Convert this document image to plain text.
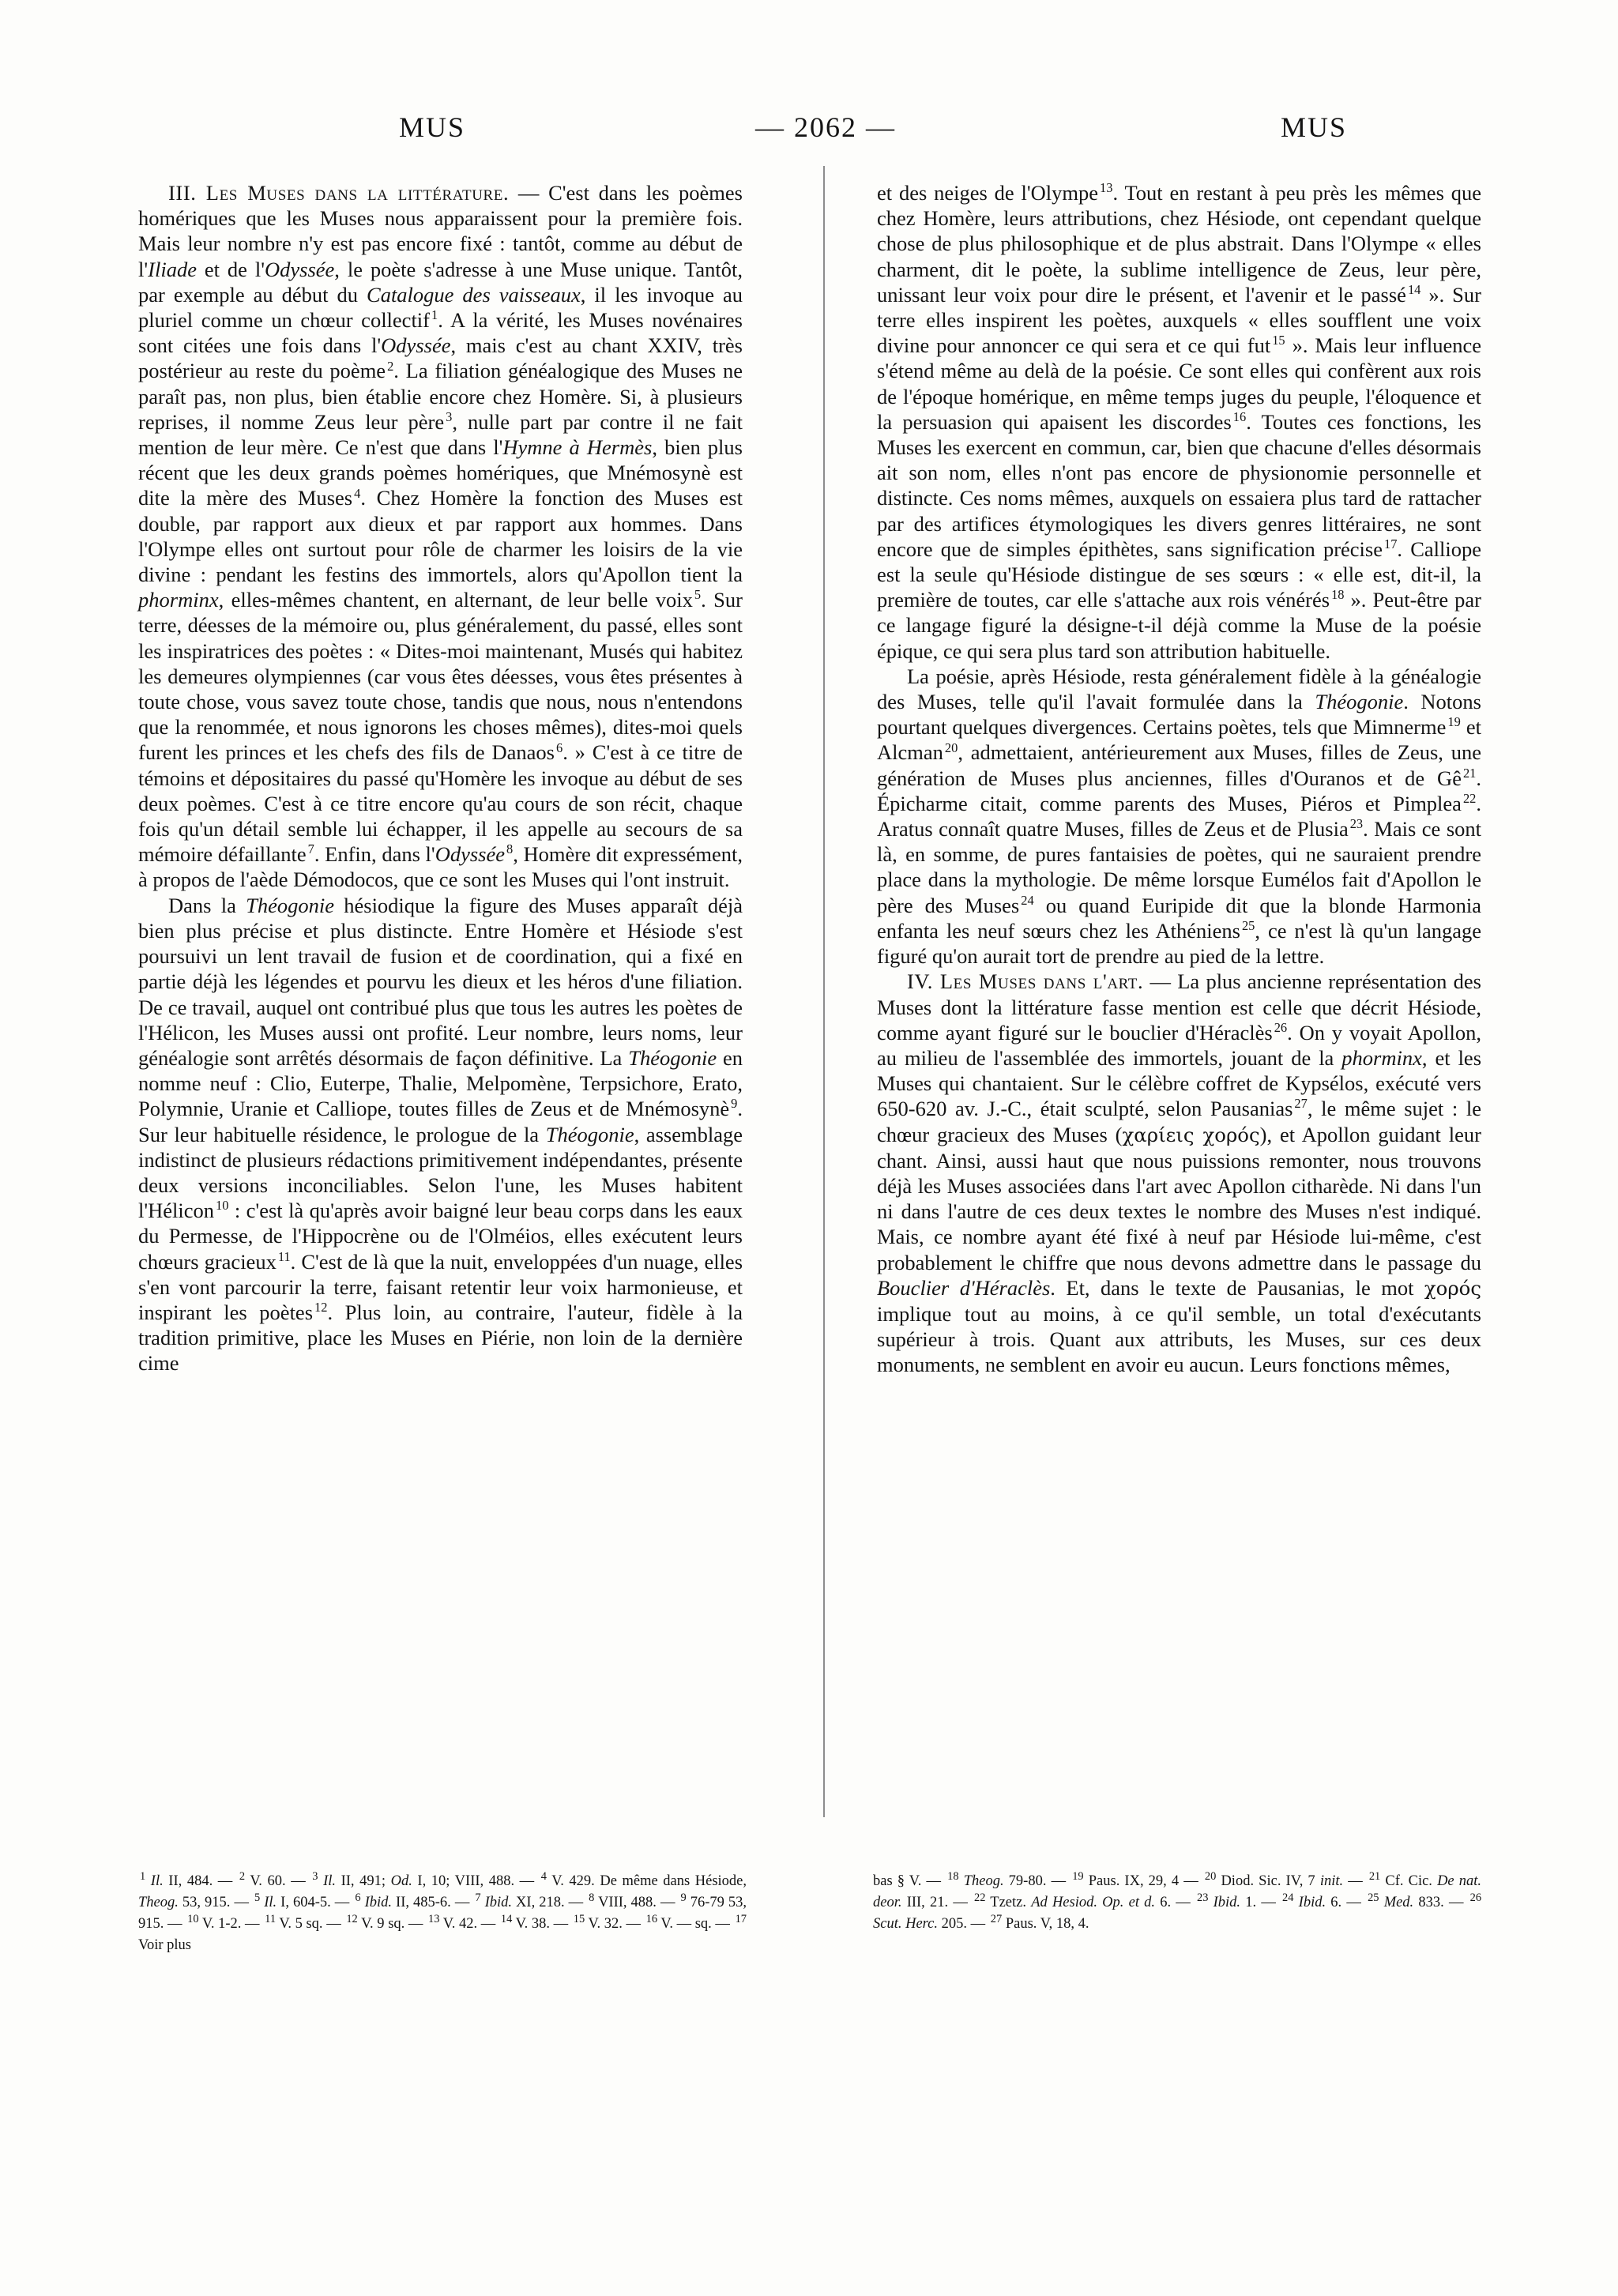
MUS	— 2062 —	MUS

III. Les Muses dans la littérature. — C'est dans les poèmes homériques que les Muses nous apparaissent pour la première fois. Mais leur nombre n'y est pas encore fixé : tantôt, comme au début de l'Iliade et de l'Odyssée, le poète s'adresse à une Muse unique. Tantôt, par exemple au début du Catalogue des vaisseaux, il les invoque au pluriel comme un chœur collectif $^1$. A la vérité, les Muses novénaires sont citées une fois dans l'Odyssée, mais c'est au chant XXIV, très postérieur au reste du poème $^2$. La filiation généalogique des Muses ne paraît pas, non plus, bien établie encore chez Homère. Si, à plusieurs reprises, il nomme Zeus leur père $^3$, nulle part par contre il ne fait mention de leur mère. Ce n'est que dans l'Hymne à Hermès, bien plus récent que les deux grands poèmes homériques, que Mnémosynè est dite la mère des Muses $^4$. Chez Homère la fonction des Muses est double, par rapport aux dieux et par rapport aux hommes. Dans l'Olympe elles ont surtout pour rôle de charmer les loisirs de la vie divine : pendant les festins des immortels, alors qu'Apollon tient la phorminx, elles-mêmes chantent, en alternant, de leur belle voix $^5$. Sur terre, déesses de la mémoire ou, plus généralement, du passé, elles sont les inspiratrices des poètes : « Dites-moi maintenant, Musés qui habitez les demeures olympiennes (car vous êtes déesses, vous êtes présentes à toute chose, vous savez toute chose, tandis que nous, nous n'entendons que la renommée, et nous ignorons les choses mêmes), dites-moi quels furent les princes et les chefs des fils de Danaos $^6$. » C'est à ce titre de témoins et dépositaires du passé qu'Homère les invoque au début de ses deux poèmes. C'est à ce titre encore qu'au cours de son récit, chaque fois qu'un détail semble lui échapper, il les appelle au secours de sa mémoire défaillante $^7$. Enfin, dans l'Odyssée $^8$, Homère dit expressément, à propos de l'aède Démodocos, que ce sont les Muses qui l'ont instruit.

Dans la Théogonie hésiodique la figure des Muses apparaît déjà bien plus précise et plus distincte. Entre Homère et Hésiode s'est poursuivi un lent travail de fusion et de coordination, qui a fixé en partie déjà les légendes et pourvu les dieux et les héros d'une filiation. De ce travail, auquel ont contribué plus que tous les autres les poètes de l'Hélicon, les Muses aussi ont profité. Leur nombre, leurs noms, leur généalogie sont arrêtés désormais de façon définitive. La Théogonie en nomme neuf : Clio, Euterpe, Thalie, Melpomène, Terpsichore, Erato, Polymnie, Uranie et Calliope, toutes filles de Zeus et de Mnémosynè $^9$. Sur leur habituelle résidence, le prologue de la Théogonie, assemblage indistinct de plusieurs rédactions primitivement indépendantes, présente deux versions inconciliables. Selon l'une, les Muses habitent l'Hélicon $^{10}$ : c'est là qu'après avoir baigné leur beau corps dans les eaux du Permesse, de l'Hippocrène ou de l'Olméios, elles exécutent leurs chœurs gracieux $^{11}$. C'est de là que la nuit, enveloppées d'un nuage, elles s'en vont parcourir la terre, faisant retentir leur voix harmonieuse, et inspirant les poètes $^{12}$. Plus loin, au contraire, l'auteur, fidèle à la tradition primitive, place les Muses en Piérie, non loin de la dernière cime

et des neiges de l'Olympe $^{13}$. Tout en restant à peu près les mêmes que chez Homère, leurs attributions, chez Hésiode, ont cependant quelque chose de plus philosophique et de plus abstrait. Dans l'Olympe « elles charment, dit le poète, la sublime intelligence de Zeus, leur père, unissant leur voix pour dire le présent, et l'avenir et le passé $^{14}$ ». Sur terre elles inspirent les poètes, auxquels « elles soufflent une voix divine pour annoncer ce qui sera et ce qui fut $^{15}$ ». Mais leur influence s'étend même au delà de la poésie. Ce sont elles qui confèrent aux rois de l'époque homérique, en même temps juges du peuple, l'éloquence et la persuasion qui apaisent les discordes $^{16}$. Toutes ces fonctions, les Muses les exercent en commun, car, bien que chacune d'elles désormais ait son nom, elles n'ont pas encore de physionomie personnelle et distincte. Ces noms mêmes, auxquels on essaiera plus tard de rattacher par des artifices étymologiques les divers genres littéraires, ne sont encore que de simples épithètes, sans signification précise $^{17}$. Calliope est la seule qu'Hésiode distingue de ses sœurs : « elle est, dit-il, la première de toutes, car elle s'attache aux rois vénérés $^{18}$ ». Peut-être par ce langage figuré la désigne-t-il déjà comme la Muse de la poésie épique, ce qui sera plus tard son attribution habituelle.

La poésie, après Hésiode, resta généralement fidèle à la généalogie des Muses, telle qu'il l'avait formulée dans la Théogonie. Notons pourtant quelques divergences. Certains poètes, tels que Mimnerme $^{19}$ et Alcman $^{20}$, admettaient, antérieurement aux Muses, filles de Zeus, une génération de Muses plus anciennes, filles d'Ouranos et de Gê $^{21}$. Épicharme citait, comme parents des Muses, Piéros et Pimplea $^{22}$. Aratus connaît quatre Muses, filles de Zeus et de Plusia $^{23}$. Mais ce sont là, en somme, de pures fantaisies de poètes, qui ne sauraient prendre place dans la mythologie. De même lorsque Eumélos fait d'Apollon le père des Muses $^{24}$ ou quand Euripide dit que la blonde Harmonia enfanta les neuf sœurs chez les Athéniens $^{25}$, ce n'est là qu'un langage figuré qu'on aurait tort de prendre au pied de la lettre.

IV. Les Muses dans l'art. — La plus ancienne représentation des Muses dont la littérature fasse mention est celle que décrit Hésiode, comme ayant figuré sur le bouclier d'Héraclès $^{26}$. On y voyait Apollon, au milieu de l'assemblée des immortels, jouant de la phorminx, et les Muses qui chantaient. Sur le célèbre coffret de Kypsélos, exécuté vers 650-620 av. J.-C., était sculpté, selon Pausanias $^{27}$, le même sujet : le chœur gracieux des Muses (χαρίεις χορός), et Apollon guidant leur chant. Ainsi, aussi haut que nous puissions remonter, nous trouvons déjà les Muses associées dans l'art avec Apollon citharède. Ni dans l'un ni dans l'autre de ces deux textes le nombre des Muses n'est indiqué. Mais, ce nombre ayant été fixé à neuf par Hésiode lui-même, c'est probablement le chiffre que nous devons admettre dans le passage du Bouclier d'Héraclès. Et, dans le texte de Pausanias, le mot χορός implique tout au moins, à ce qu'il semble, un total d'exécutants supérieur à trois. Quant aux attributs, les Muses, sur ces deux monuments, ne semblent en avoir eu aucun. Leurs fonctions mêmes,

$^1$ Il. II, 484. — $^2$ V. 60. — $^3$ Il. II, 491; Od. I, 10; VIII, 488. — $^4$ V. 429. De même dans Hésiode, Theog. 53, 915. — $^5$ Il. I, 604-5. — $^6$ Ibid. II, 485-6. — $^7$ Ibid. XI, 218. — $^8$ VIII, 488. — $^9$ 76-79 53, 915. — $^{10}$ V. 1-2. — $^{11}$ V. 5 sq. — $^{12}$ V. 9 sq. — $^{13}$ V. 42. — $^{14}$ V. 38. — $^{15}$ V. 32. — $^{16}$ V. — sq. — $^{17}$ Voir plus

bas § V. — $^{18}$ Theog. 79-80. — $^{19}$ Paus. IX, 29, 4 — $^{20}$ Diod. Sic. IV, 7 init. — $^{21}$ Cf. Cic. De nat. deor. III, 21. — $^{22}$ Tzetz. Ad Hesiod. Op. et d. 6. — $^{23}$ Ibid. 1. — $^{24}$ Ibid. 6. — $^{25}$ Med. 833. — $^{26}$ Scut. Herc. 205. — $^{27}$ Paus. V, 18, 4.
